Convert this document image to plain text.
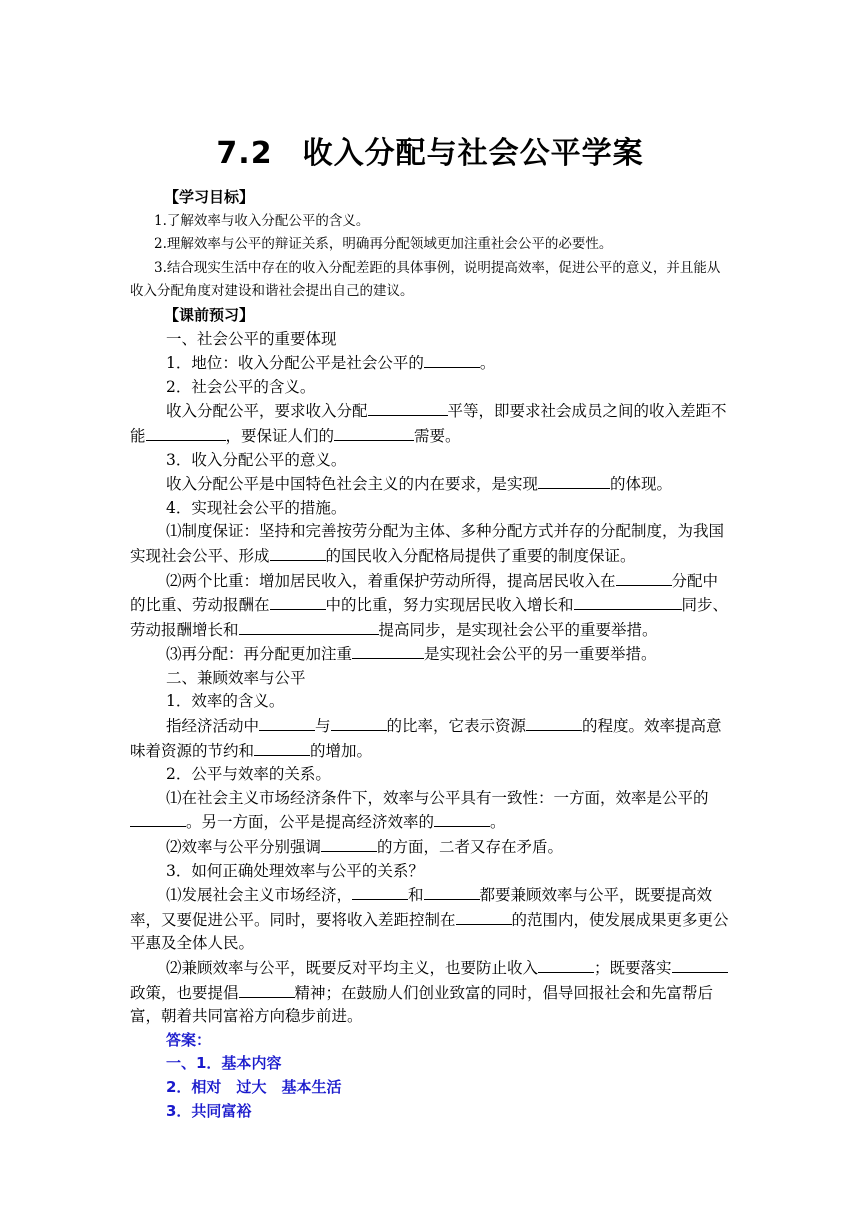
7.2 收入分配与社会公平学案

【学习目标】

1.了解效率与收入分配公平的含义。

2.理解效率与公平的辩证关系，明确再分配领域更加注重社会公平的必要性。

3.结合现实生活中存在的收入分配差距的具体事例，说明提高效率，促进公平的意义，并且能从收入分配角度对建设和谐社会提出自己的建议。

【课前预习】

一、社会公平的重要体现

1．地位：收入分配公平是社会公平的	。

2．社会公平的含义。

收入分配公平，要求收入分配	平等，即要求社会成员之间的收入差距不能	，要保证人们的	需要。

3．收入分配公平的意义。

收入分配公平是中国特色社会主义的内在要求，是实现	的体现。

4．实现社会公平的措施。

⑴制度保证：坚持和完善按劳分配为主体、多种分配方式并存的分配制度，为我国实现社会公平、形成	的国民收入分配格局提供了重要的制度保证。

⑵两个比重：增加居民收入，着重保护劳动所得，提高居民收入在	分配中的比重、劳动报酬在	中的比重，努力实现居民收入增长和	同步、劳动报酬增长和	提高同步，是实现社会公平的重要举措。

⑶再分配：再分配更加注重	是实现社会公平的另一重要举措。

二、兼顾效率与公平

1．效率的含义。

指经济活动中	与	的比率，它表示资源	的程度。效率提高意味着资源的节约和	的增加。

2．公平与效率的关系。

⑴在社会主义市场经济条件下，效率与公平具有一致性：一方面，效率是公平的。另一方面，公平是提高经济效率的	。

⑵效率与公平分别强调	的方面，二者又存在矛盾。

3．如何正确处理效率与公平的关系？

⑴发展社会主义市场经济，	和	都要兼顾效率与公平，既要提高效率，又要促进公平。同时，要将收入差距控制在	的范围内，使发展成果更多更公平惠及全体人民。

⑵兼顾效率与公平，既要反对平均主义，也要防止收入	；既要落实政策，也要提倡	精神；在鼓励人们创业致富的同时，倡导回报社会和先富帮后富，朝着共同富裕方向稳步前进。

答案：

一、1．基本内容

2．相对　过大　基本生活

3．共同富裕
